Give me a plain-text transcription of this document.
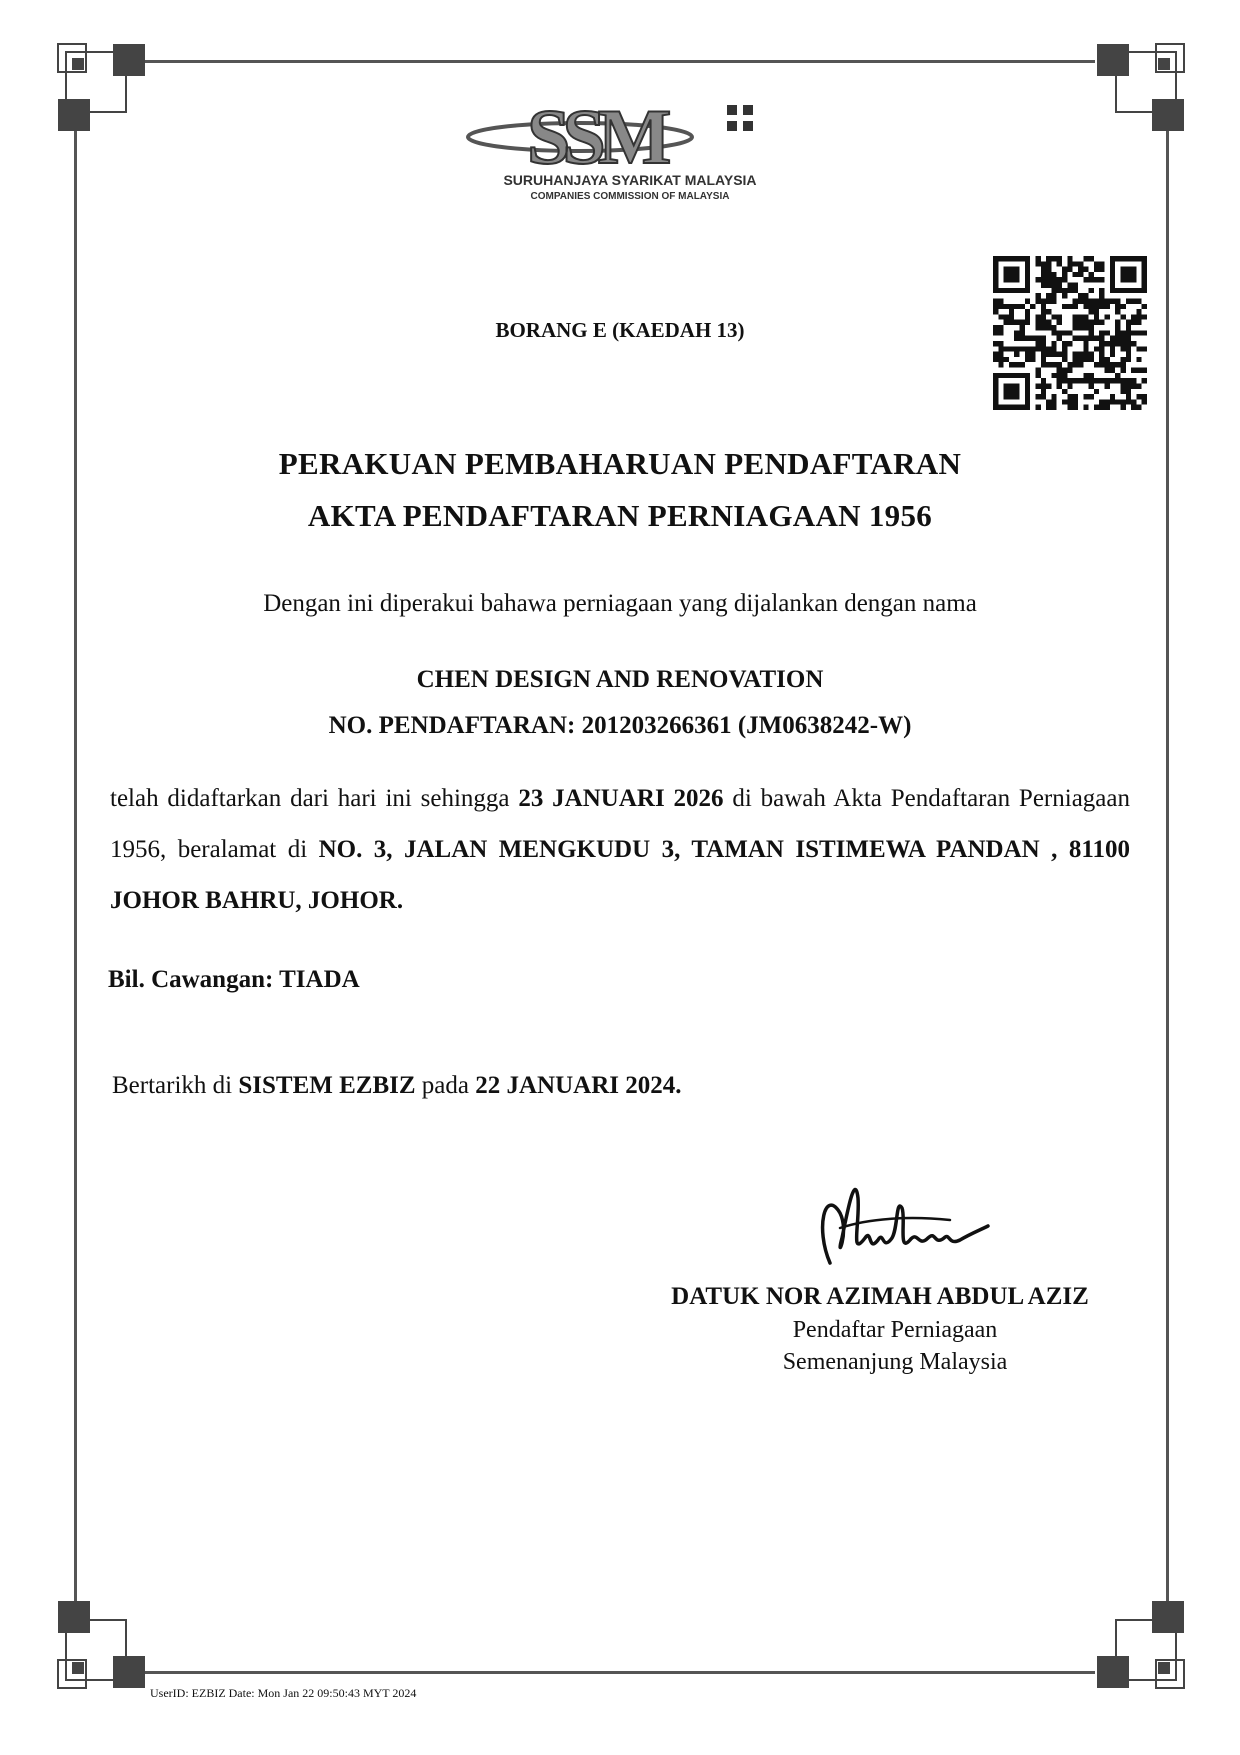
SSM
SURUHANJAYA SYARIKAT MALAYSIA
COMPANIES COMMISSION OF MALAYSIA
BORANG E (KAEDAH 13)
PERAKUAN PEMBAHARUAN PENDAFTARAN
AKTA PENDAFTARAN PERNIAGAAN 1956
Dengan ini diperakui bahawa perniagaan yang dijalankan dengan nama
CHEN DESIGN AND RENOVATION
NO. PENDAFTARAN: 201203266361 (JM0638242-W)
telah didaftarkan dari hari ini sehingga 23 JANUARI 2026 di bawah Akta Pendaftaran Perniagaan 1956, beralamat di NO. 3, JALAN MENGKUDU 3, TAMAN ISTIMEWA PANDAN , 81100 JOHOR BAHRU, JOHOR.
Bil. Cawangan: TIADA
Bertarikh di SISTEM EZBIZ pada 22 JANUARI 2024.
DATUK NOR AZIMAH ABDUL AZIZ
Pendaftar Perniagaan
Semenanjung Malaysia
UserID: EZBIZ Date: Mon Jan 22 09:50:43 MYT 2024
